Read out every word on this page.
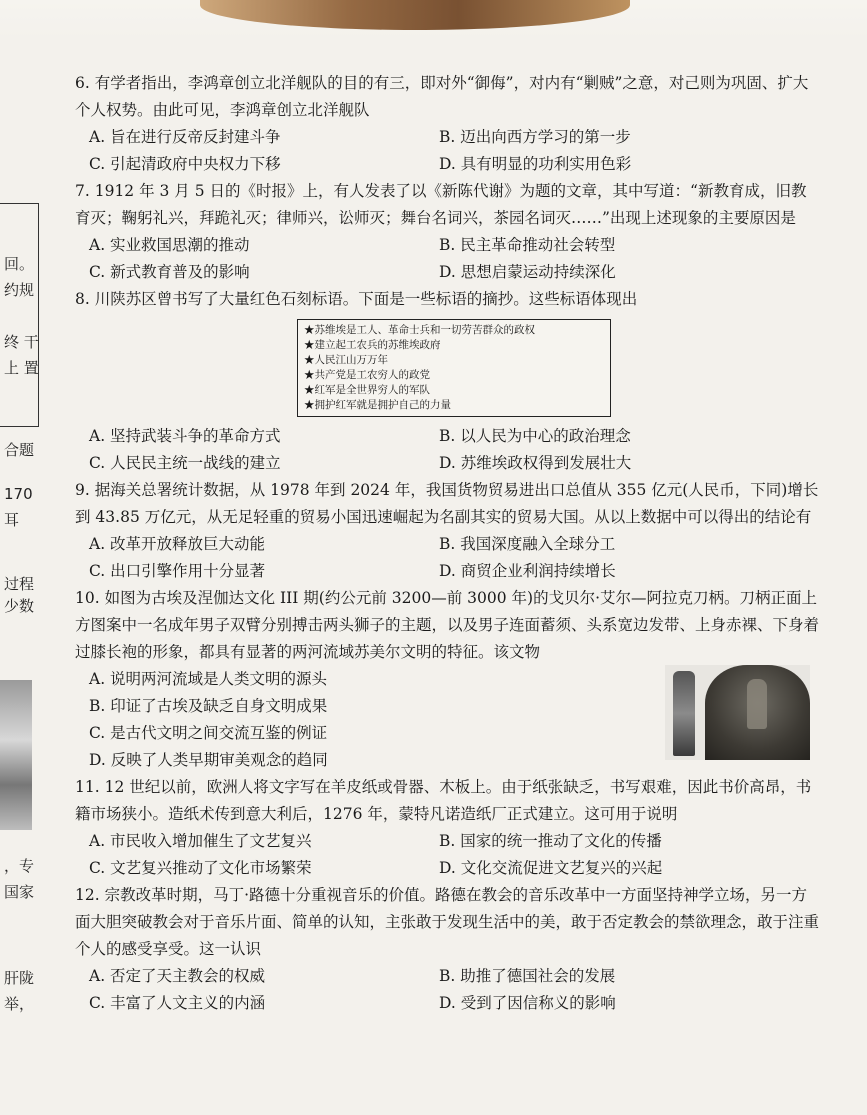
回。
约规
终 干
上 置
合题
170
耳
过程
少数
，专
国家
肝陇
举，
6. 有学者指出，李鸿章创立北洋舰队的目的有三，即对外“御侮”，对内有“剿贼”之意，对己则为巩固、扩大个人权势。由此可见，李鸿章创立北洋舰队
A. 旨在进行反帝反封建斗争	B. 迈出向西方学习的第一步
C. 引起清政府中央权力下移	D. 具有明显的功利实用色彩
7. 1912 年 3 月 5 日的《时报》上，有人发表了以《新陈代谢》为题的文章，其中写道：“新教育成，旧教育灭；鞠躬礼兴，拜跪礼灭；律师兴，讼师灭；舞台名词兴，茶园名词灭……”出现上述现象的主要原因是
A. 实业救国思潮的推动	B. 民主革命推动社会转型
C. 新式教育普及的影响	D. 思想启蒙运动持续深化
8. 川陕苏区曾书写了大量红色石刻标语。下面是一些标语的摘抄。这些标语体现出
★苏维埃是工人、革命士兵和一切劳苦群众的政权
★建立起工农兵的苏维埃政府
★人民江山万万年
★共产党是工农穷人的政党
★红军是全世界穷人的军队
★拥护红军就是拥护自己的力量
A. 坚持武装斗争的革命方式	B. 以人民为中心的政治理念
C. 人民民主统一战线的建立	D. 苏维埃政权得到发展壮大
9. 据海关总署统计数据，从 1978 年到 2024 年，我国货物贸易进出口总值从 355 亿元(人民币，下同)增长到 43.85 万亿元，从无足轻重的贸易小国迅速崛起为名副其实的贸易大国。从以上数据中可以得出的结论有
A. 改革开放释放巨大动能	B. 我国深度融入全球分工
C. 出口引擎作用十分显著	D. 商贸企业利润持续增长
10. 如图为古埃及涅伽达文化 III 期(约公元前 3200—前 3000 年)的戈贝尔·艾尔—阿拉克刀柄。刀柄正面上方图案中一名成年男子双臂分别搏击两头狮子的主题，以及男子连面蓄须、头系宽边发带、上身赤裸、下身着过膝长袍的形象，都具有显著的两河流域苏美尔文明的特征。该文物
A. 说明两河流域是人类文明的源头
B. 印证了古埃及缺乏自身文明成果
C. 是古代文明之间交流互鉴的例证
D. 反映了人类早期审美观念的趋同
11. 12 世纪以前，欧洲人将文字写在羊皮纸或骨器、木板上。由于纸张缺乏，书写艰难，因此书价高昂，书籍市场狭小。造纸术传到意大利后，1276 年，蒙特凡诺造纸厂正式建立。这可用于说明
A. 市民收入增加催生了文艺复兴	B. 国家的统一推动了文化的传播
C. 文艺复兴推动了文化市场繁荣	D. 文化交流促进文艺复兴的兴起
12. 宗教改革时期，马丁·路德十分重视音乐的价值。路德在教会的音乐改革中一方面坚持神学立场，另一方面大胆突破教会对于音乐片面、简单的认知，主张敢于发现生活中的美，敢于否定教会的禁欲理念，敢于注重个人的感受享受。这一认识
A. 否定了天主教会的权威	B. 助推了德国社会的发展
C. 丰富了人文主义的内涵	D. 受到了因信称义的影响
